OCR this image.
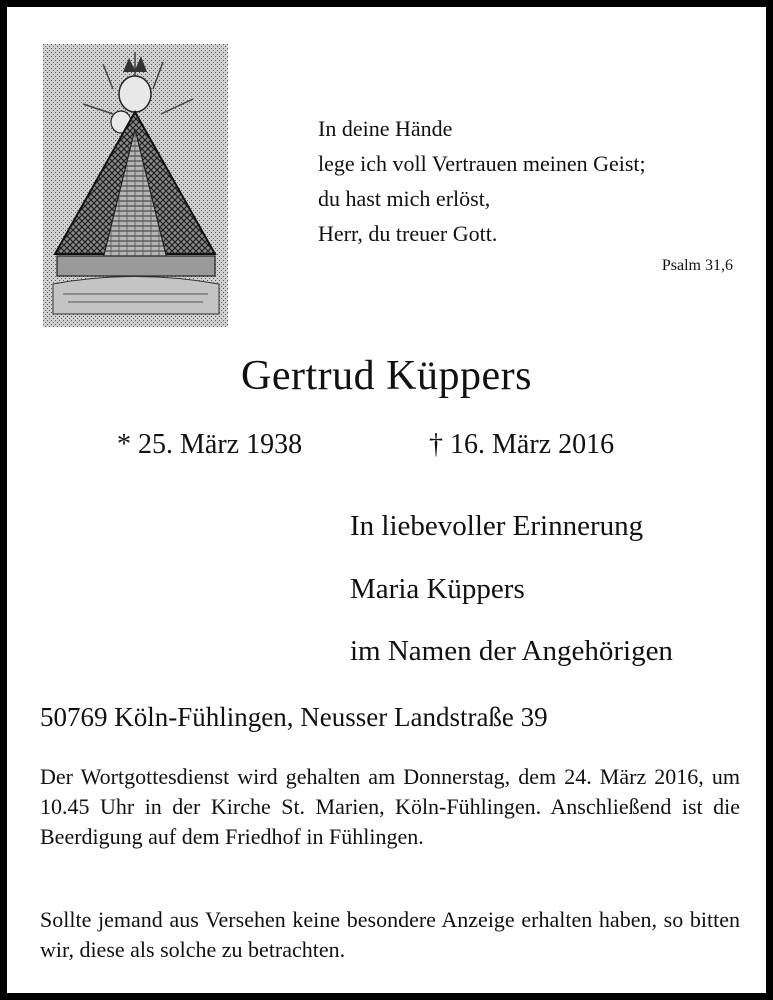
In deine Hände
lege ich voll Vertrauen meinen Geist;
du hast mich erlöst,
Herr, du treuer Gott.
Psalm 31,6
Gertrud Küppers
* 25. März 1938	† 16. März 2016
In liebevoller Erinnerung
Maria Küppers
im Namen der Angehörigen
50769 Köln-Fühlingen, Neusser Landstraße 39
Der Wortgottesdienst wird gehalten am Donnerstag, dem 24. März 2016, um 10.45 Uhr in der Kirche St. Marien, Köln-Fühlingen. Anschließend ist die Beerdigung auf dem Friedhof in Fühlingen.
Sollte jemand aus Versehen keine besondere Anzeige erhalten haben, so bitten wir, diese als solche zu betrachten.
